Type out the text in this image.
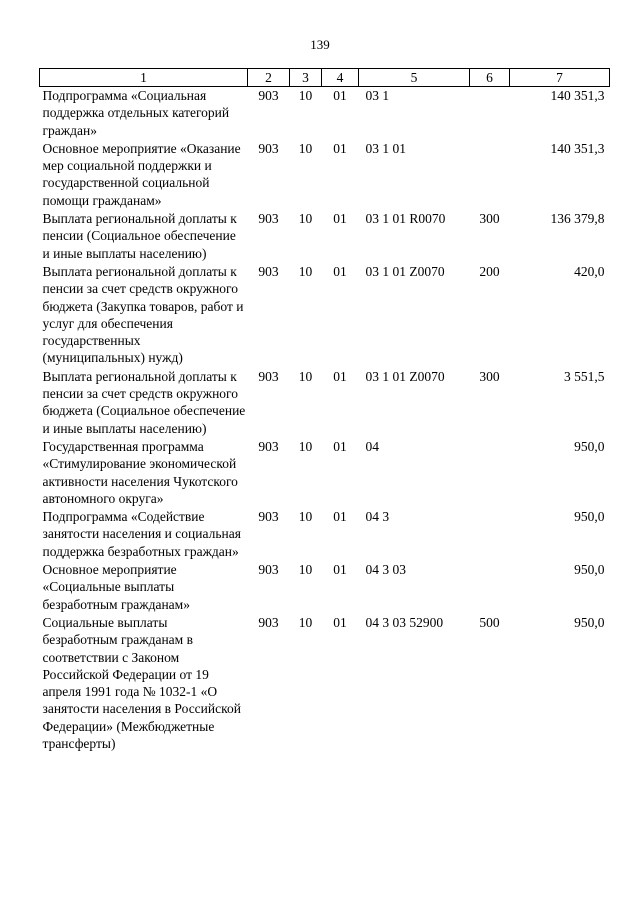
139
1	2	3	4	5	6	7
Подпрограмма «Социальная поддержка отдельных категорий граждан»	903	10	01	03 1		140 351,3
Основное мероприятие «Оказание мер социальной поддержки и государственной социальной помощи гражданам»	903	10	01	03 1 01		140 351,3
Выплата региональной доплаты к пенсии (Социальное обеспечение и иные выплаты населению)	903	10	01	03 1 01 R0070	300	136 379,8
Выплата региональной доплаты к пенсии за счет средств окружного бюджета (Закупка товаров, работ и услуг для обеспечения государственных (муниципальных) нужд)	903	10	01	03 1 01 Z0070	200	420,0
Выплата региональной доплаты к пенсии за счет средств окружного бюджета (Социальное обеспечение и иные выплаты населению)	903	10	01	03 1 01 Z0070	300	3 551,5
Государственная программа «Стимулирование экономической активности населения Чукотского автономного округа»	903	10	01	04		950,0
Подпрограмма «Содействие занятости населения и социальная поддержка безработных граждан»	903	10	01	04 3		950,0
Основное мероприятие «Социальные выплаты безработным гражданам»	903	10	01	04 3 03		950,0
Социальные выплаты безработным гражданам в соответствии с Законом Российской Федерации от 19 апреля 1991 года № 1032-1 «О занятости населения в Российской Федерации» (Межбюджетные трансферты)	903	10	01	04 3 03 52900	500	950,0
